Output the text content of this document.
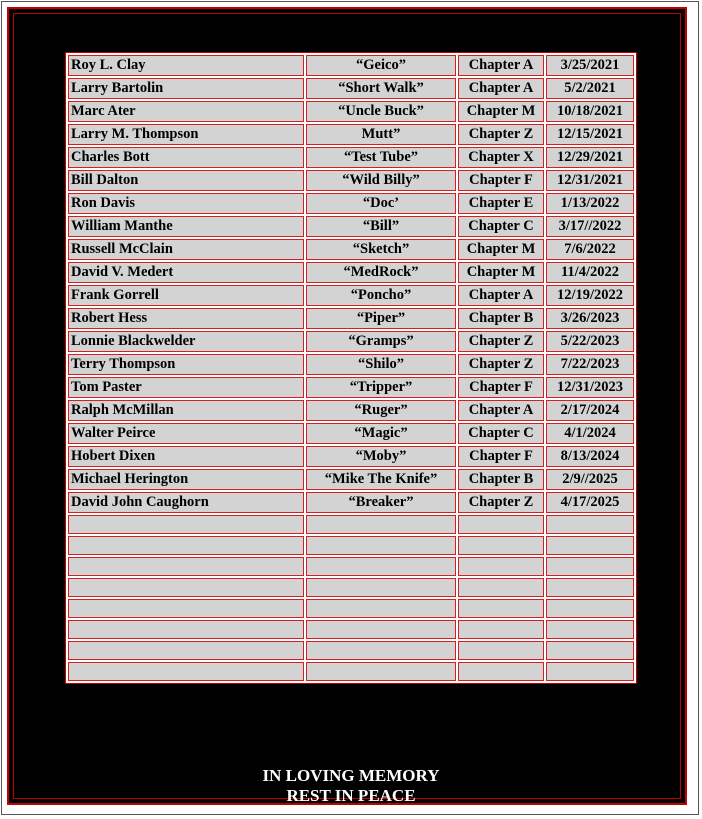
Roy L. Clay	“Geico”	Chapter A	3/25/2021
Larry Bartolin	“Short Walk”	Chapter A	5/2/2021
Marc Ater	“Uncle Buck”	Chapter M	10/18/2021
Larry M. Thompson	Mutt”	Chapter Z	12/15/2021
Charles Bott	“Test Tube”	Chapter X	12/29/2021
Bill Dalton	“Wild Billy”	Chapter F	12/31/2021
Ron Davis	“Doc’	Chapter E	1/13/2022
William Manthe	“Bill”	Chapter C	3/17//2022
Russell McClain	“Sketch”	Chapter M	7/6/2022
David V. Medert	“MedRock”	Chapter M	11/4/2022
Frank Gorrell	“Poncho”	Chapter A	12/19/2022
Robert Hess	“Piper”	Chapter B	3/26/2023
Lonnie Blackwelder	“Gramps”	Chapter Z	5/22/2023
Terry Thompson	“Shilo”	Chapter Z	7/22/2023
Tom Paster	“Tripper”	Chapter F	12/31/2023
Ralph McMillan	“Ruger”	Chapter A	2/17/2024
Walter Peirce	“Magic”	Chapter C	4/1/2024
Hobert Dixen	“Moby”	Chapter F	8/13/2024
Michael Herington	“Mike The Knife”	Chapter B	2/9//2025
David John Caughorn	“Breaker”	Chapter Z	4/17/2025

IN LOVING MEMORY
REST IN PEACE
